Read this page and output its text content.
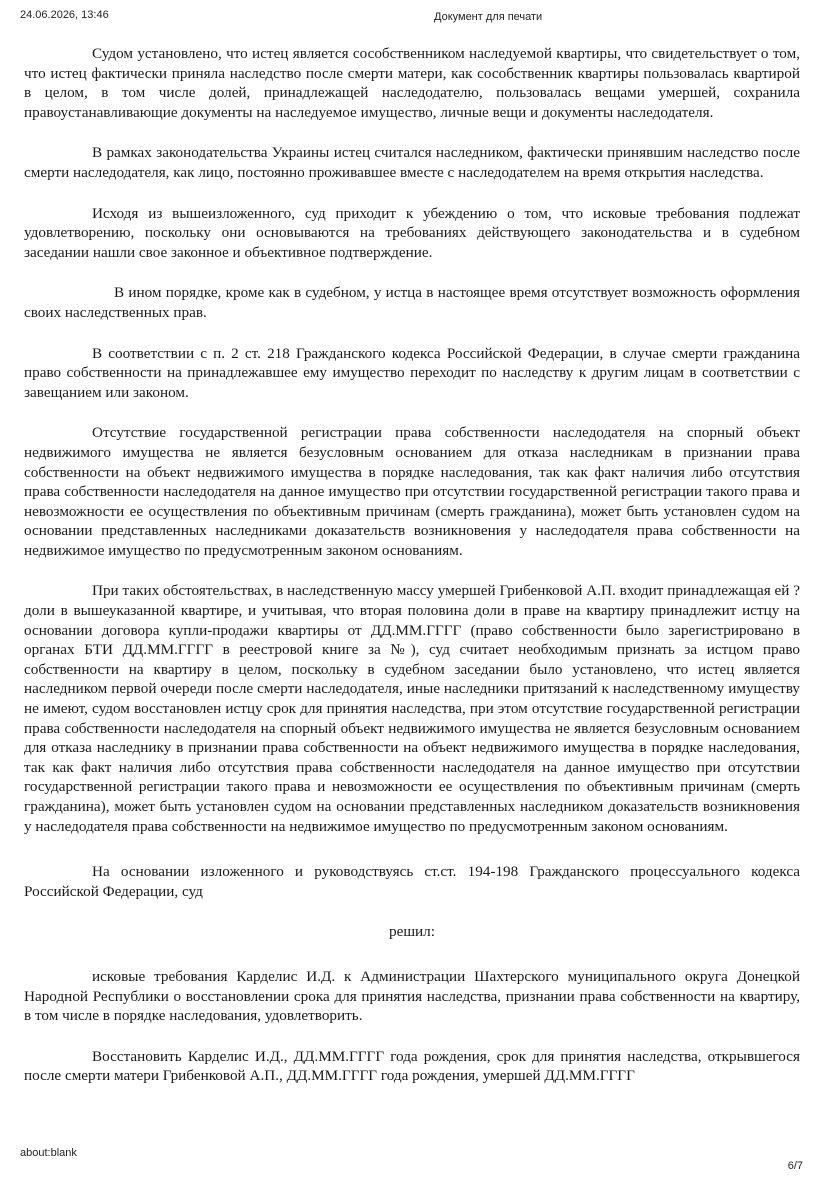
24.06.2026, 13:46	Документ для печати

Судом установлено, что истец является сособственником наследуемой квартиры, что свидетельствует о том, что истец фактически приняла наследство после смерти матери, как сособственник квартиры пользовалась квартирой в целом, в том числе долей, принадлежащей наследодателю, пользовалась вещами умершей, сохранила правоустанавливающие документы на наследуемое имущество, личные вещи и документы наследодателя.

В рамках законодательства Украины истец считался наследником, фактически принявшим наследство после смерти наследодателя, как лицо, постоянно проживавшее вместе с наследодателем на время открытия наследства.

Исходя из вышеизложенного, суд приходит к убеждению о том, что исковые требования подлежат удовлетворению, поскольку они основываются на требованиях действующего законодательства и в судебном заседании нашли свое законное и объективное подтверждение.

В ином порядке, кроме как в судебном, у истца в настоящее время отсутствует возможность оформления своих наследственных прав.

В соответствии с п. 2 ст. 218 Гражданского кодекса Российской Федерации, в случае смерти гражданина право собственности на принадлежавшее ему имущество переходит по наследству к другим лицам в соответствии с завещанием или законом.

Отсутствие государственной регистрации права собственности наследодателя на спорный объект недвижимого имущества не является безусловным основанием для отказа наследникам в признании права собственности на объект недвижимого имущества в порядке наследования, так как факт наличия либо отсутствия права собственности наследодателя на данное имущество при отсутствии государственной регистрации такого права и невозможности ее осуществления по объективным причинам (смерть гражданина), может быть установлен судом на основании представленных наследниками доказательств возникновения у наследодателя права собственности на недвижимое имущество по предусмотренным законом основаниям.

При таких обстоятельствах, в наследственную массу умершей Грибенковой А.П. входит принадлежащая ей ? доли в вышеуказанной квартире, и учитывая, что вторая половина доли в праве на квартиру принадлежит истцу на основании договора купли-продажи квартиры от ДД.ММ.ГГГГ (право собственности было зарегистрировано в органах БТИ ДД.ММ.ГГГГ в реестровой книге за №), суд считает необходимым признать за истцом право собственности на квартиру в целом, поскольку в судебном заседании было установлено, что истец является наследником первой очереди после смерти наследодателя, иные наследники притязаний к наследственному имуществу не имеют, судом восстановлен истцу срок для принятия наследства, при этом отсутствие государственной регистрации права собственности наследодателя на спорный объект недвижимого имущества не является безусловным основанием для отказа наследнику в признании права собственности на объект недвижимого имущества в порядке наследования, так как факт наличия либо отсутствия права собственности наследодателя на данное имущество при отсутствии государственной регистрации такого права и невозможности ее осуществления по объективным причинам (смерть гражданина), может быть установлен судом на основании представленных наследником доказательств возникновения у наследодателя права собственности на недвижимое имущество по предусмотренным законом основаниям.

На основании изложенного и руководствуясь ст.ст. 194-198 Гражданского процессуального кодекса Российской Федерации, суд

решил:

исковые требования Карделис И.Д. к Администрации Шахтерского муниципального округа Донецкой Народной Республики о восстановлении срока для принятия наследства, признании права собственности на квартиру, в том числе в порядке наследования, удовлетворить.

Восстановить Карделис И.Д., ДД.ММ.ГГГГ года рождения, срок для принятия наследства, открывшегося после смерти матери Грибенковой А.П., ДД.ММ.ГГГГ года рождения, умершей ДД.ММ.ГГГГ

about:blank
6/7
